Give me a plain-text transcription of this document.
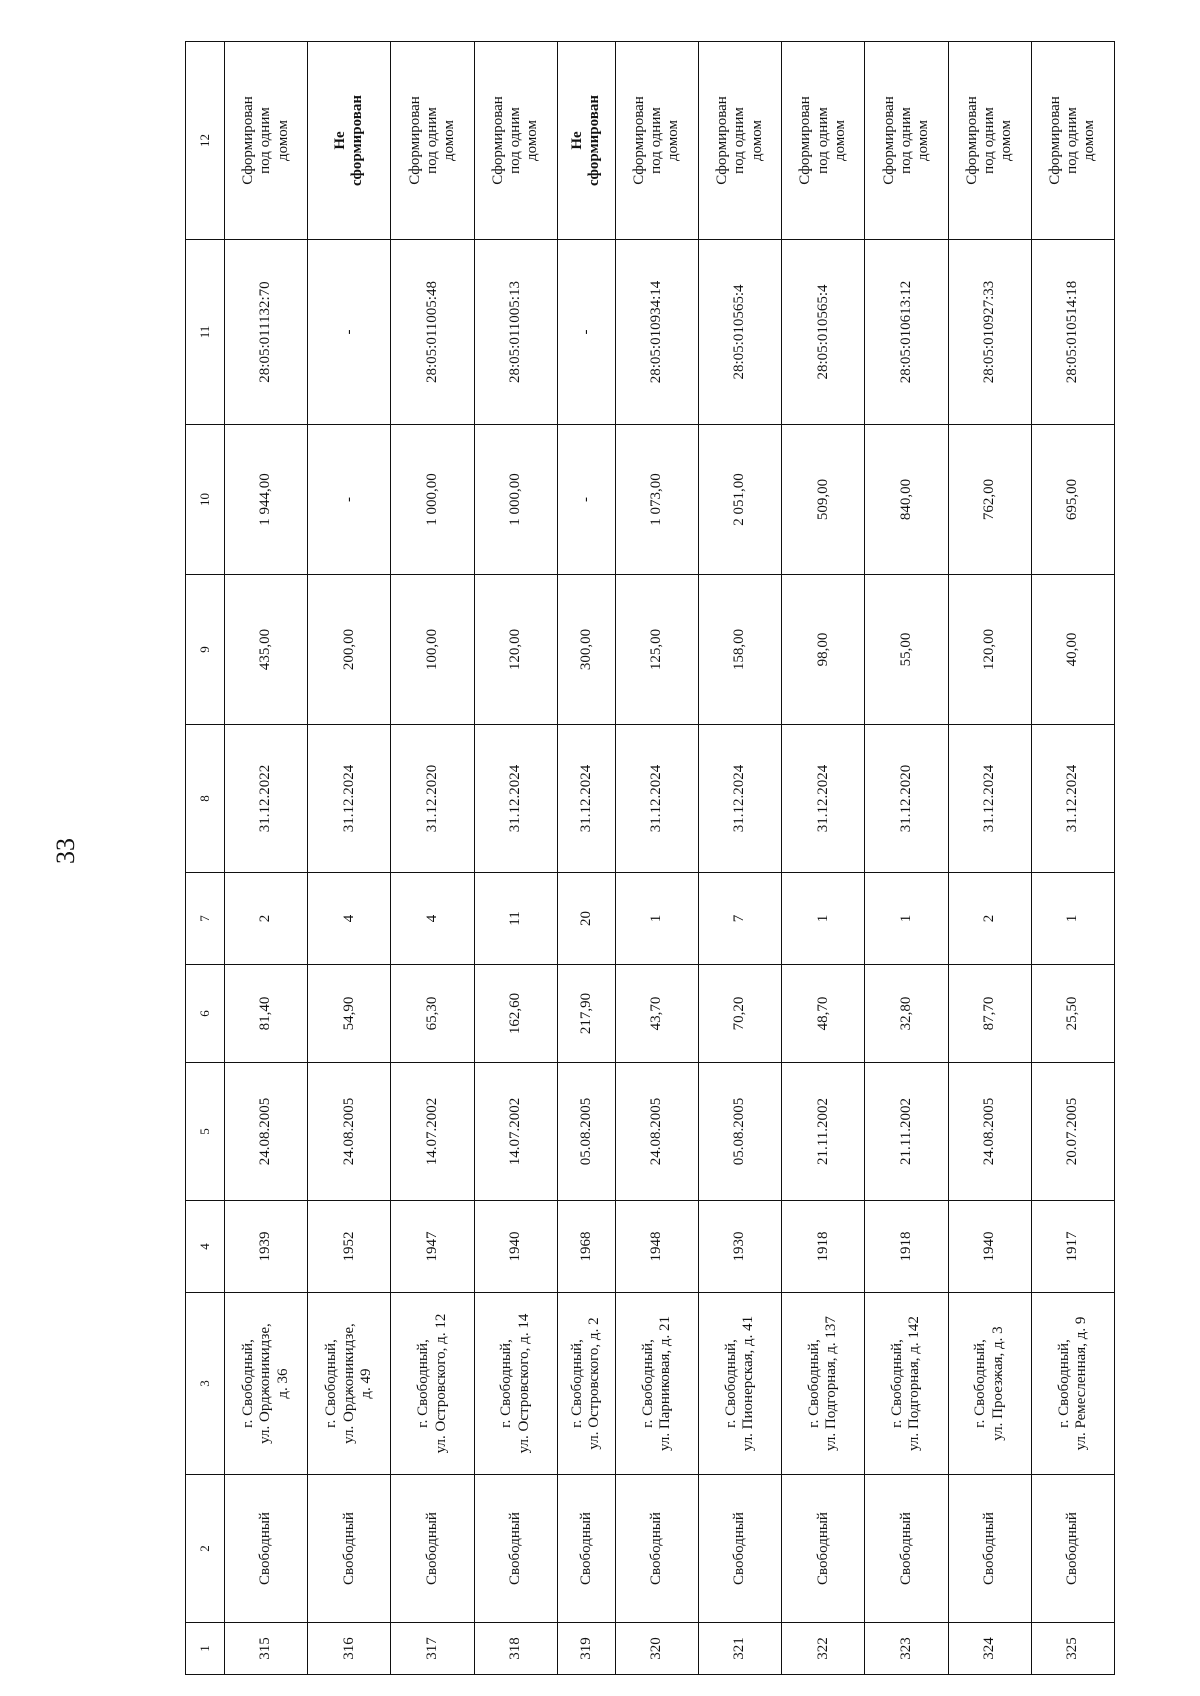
33
1	2	3	4	5	6	7	8	9	10	11	12
315	Свободный	г. Свободный,
ул. Орджоникидзе,
д. 36	1939	24.08.2005	81,40	2	31.12.2022	435,00	1 944,00	28:05:011132:70	Сформирован
под одним
домом
316	Свободный	г. Свободный,
ул. Орджоникидзе,
д. 49	1952	24.08.2005	54,90	4	31.12.2024	200,00	-	-	Не
сформирован
317	Свободный	г. Свободный,
ул. Островского, д. 12	1947	14.07.2002	65,30	4	31.12.2020	100,00	1 000,00	28:05:011005:48	Сформирован
под одним
домом
318	Свободный	г. Свободный,
ул. Островского, д. 14	1940	14.07.2002	162,60	11	31.12.2024	120,00	1 000,00	28:05:011005:13	Сформирован
под одним
домом
319	Свободный	г. Свободный,
ул. Островского, д. 2	1968	05.08.2005	217,90	20	31.12.2024	300,00	-	-	Не
сформирован
320	Свободный	г. Свободный,
ул. Парниковая, д. 21	1948	24.08.2005	43,70	1	31.12.2024	125,00	1 073,00	28:05:010934:14	Сформирован
под одним
домом
321	Свободный	г. Свободный,
ул. Пионерская, д. 41	1930	05.08.2005	70,20	7	31.12.2024	158,00	2 051,00	28:05:010565:4	Сформирован
под одним
домом
322	Свободный	г. Свободный,
ул. Подгорная, д. 137	1918	21.11.2002	48,70	1	31.12.2024	98,00	509,00	28:05:010565:4	Сформирован
под одним
домом
323	Свободный	г. Свободный,
ул. Подгорная, д. 142	1918	21.11.2002	32,80	1	31.12.2020	55,00	840,00	28:05:010613:12	Сформирован
под одним
домом
324	Свободный	г. Свободный,
ул. Проезжая, д. 3	1940	24.08.2005	87,70	2	31.12.2024	120,00	762,00	28:05:010927:33	Сформирован
под одним
домом
325	Свободный	г. Свободный,
ул. Ремесленная, д. 9	1917	20.07.2005	25,50	1	31.12.2024	40,00	695,00	28:05:010514:18	Сформирован
под одним
домом
